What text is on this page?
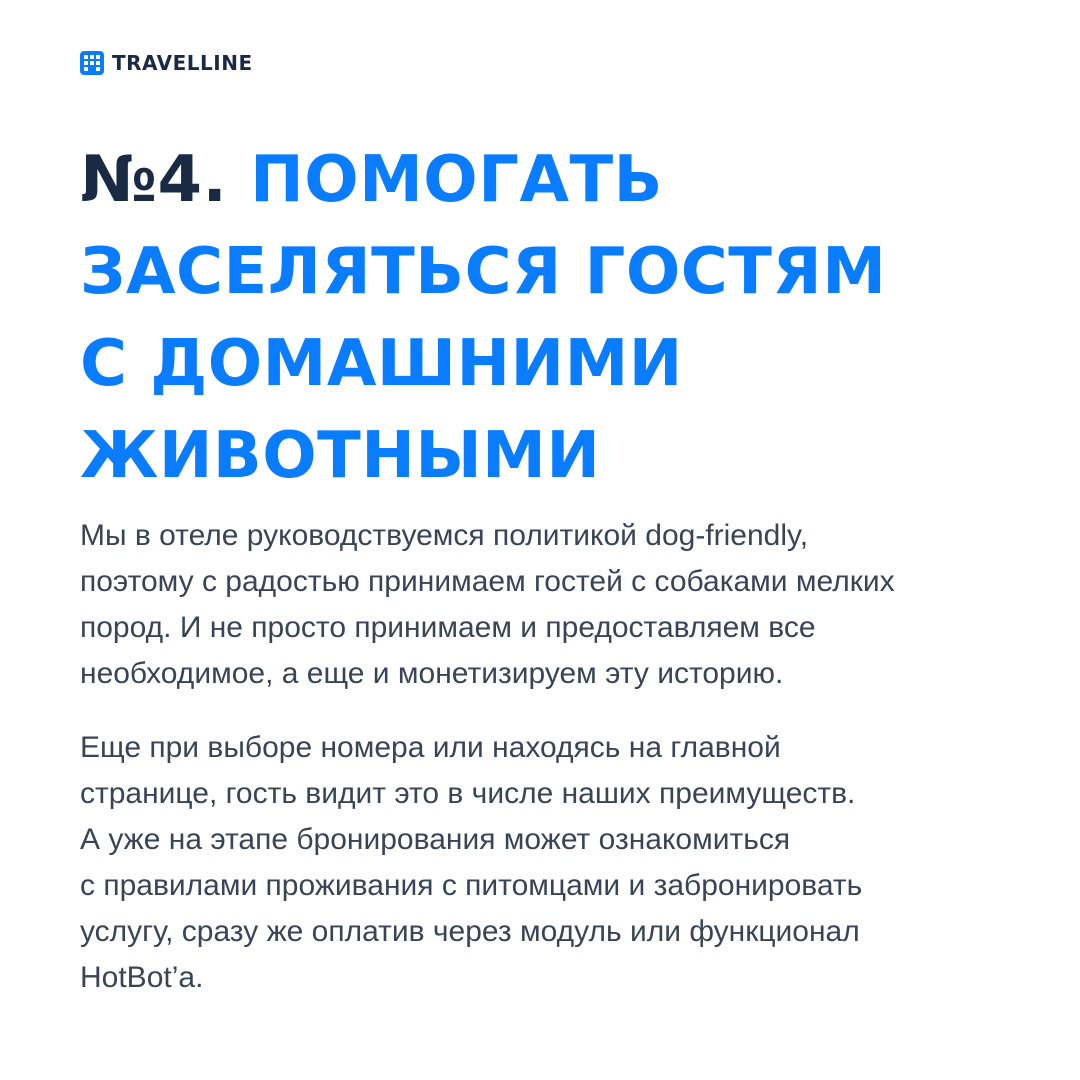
TRAVELLINE
№4. ПОМОГАТЬ
ЗАСЕЛЯТЬСЯ ГОСТЯМ
С ДОМАШНИМИ
ЖИВОТНЫМИ

Мы в отеле руководствуемся политикой dog-friendly,
поэтому с радостью принимаем гостей с собаками мелких
пород. И не просто принимаем и предоставляем все
необходимое, а еще и монетизируем эту историю.

Еще при выборе номера или находясь на главной
странице, гость видит это в числе наших преимуществ.
А уже на этапе бронирования может ознакомиться
с правилами проживания с питомцами и забронировать
услугу, сразу же оплатив через модуль или функционал
HotBot’a.
